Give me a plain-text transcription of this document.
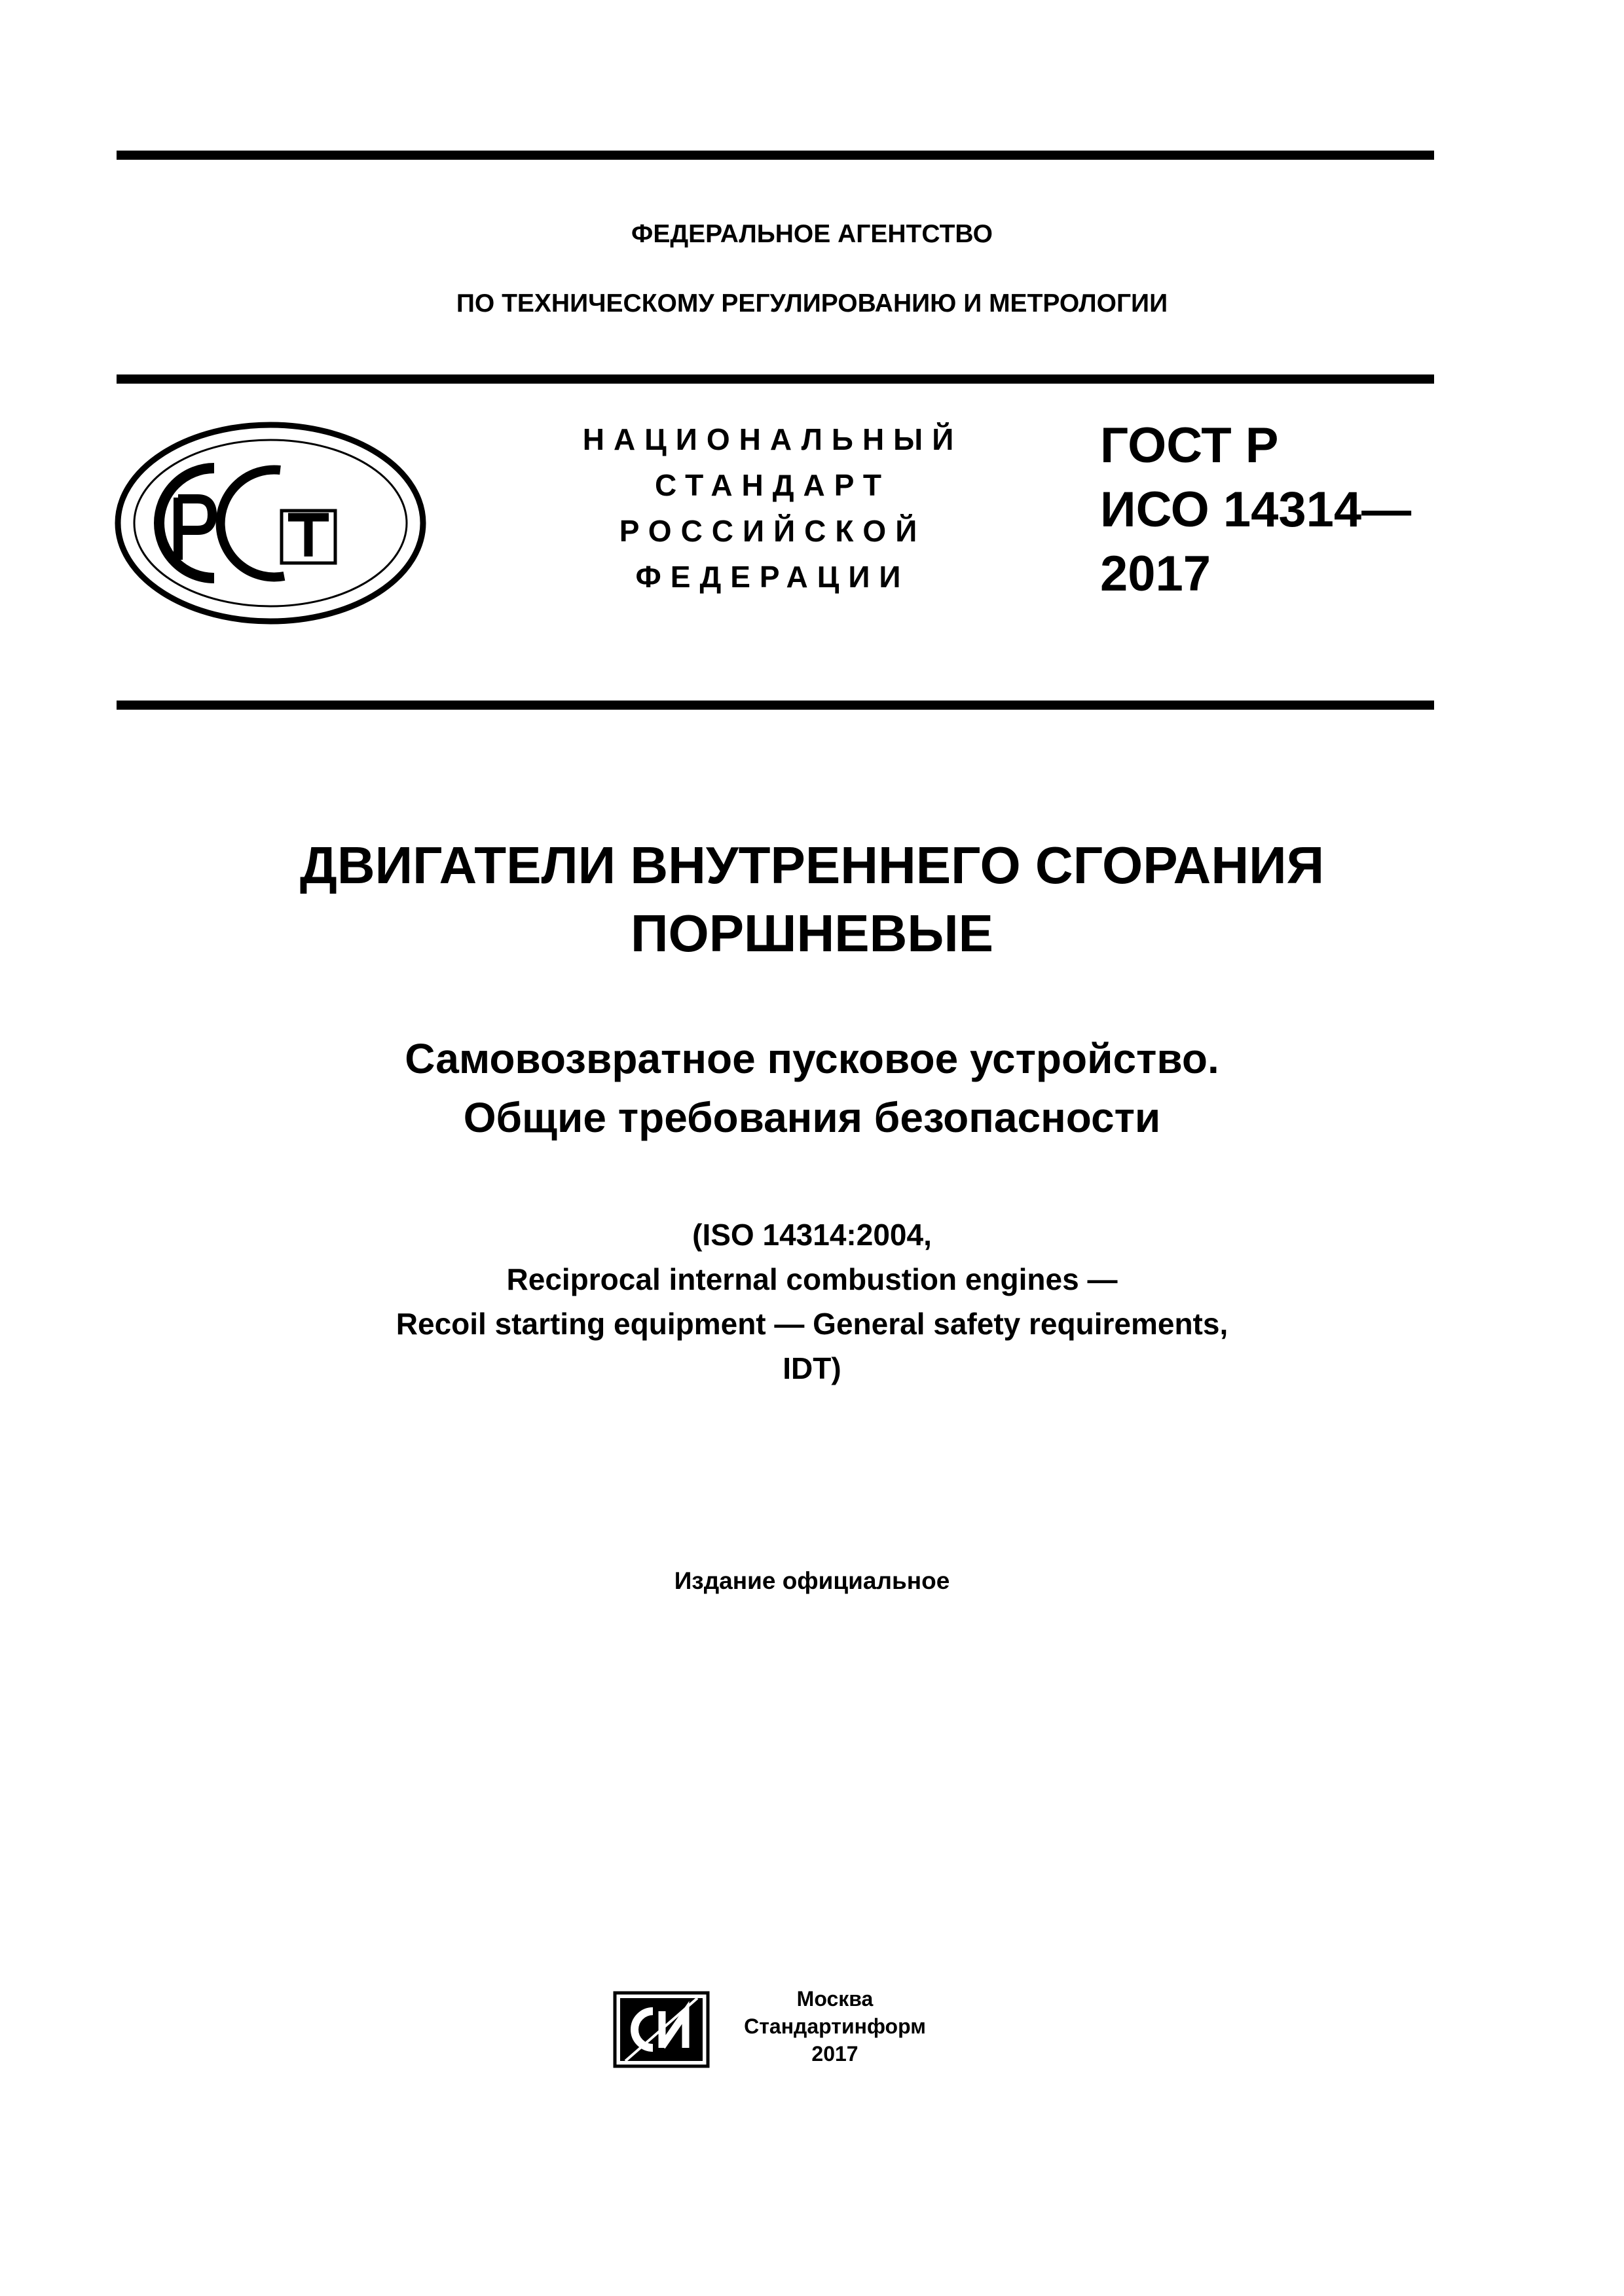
ФЕДЕРАЛЬНОЕ АГЕНТСТВО
ПО ТЕХНИЧЕСКОМУ РЕГУЛИРОВАНИЮ И МЕТРОЛОГИИ
НАЦИОНАЛЬНЫЙ
СТАНДАРТ
РОССИЙСКОЙ
ФЕДЕРАЦИИ
ГОСТ Р
ИСО 14314—
2017
ДВИГАТЕЛИ ВНУТРЕННЕГО СГОРАНИЯ
ПОРШНЕВЫЕ
Самовозвратное пусковое устройство.
Общие требования безопасности
(ISO 14314:2004,
Reciprocal internal combustion engines —
Recoil starting equipment — General safety requirements,
IDT)
Издание официальное
Москва
Стандартинформ
2017
